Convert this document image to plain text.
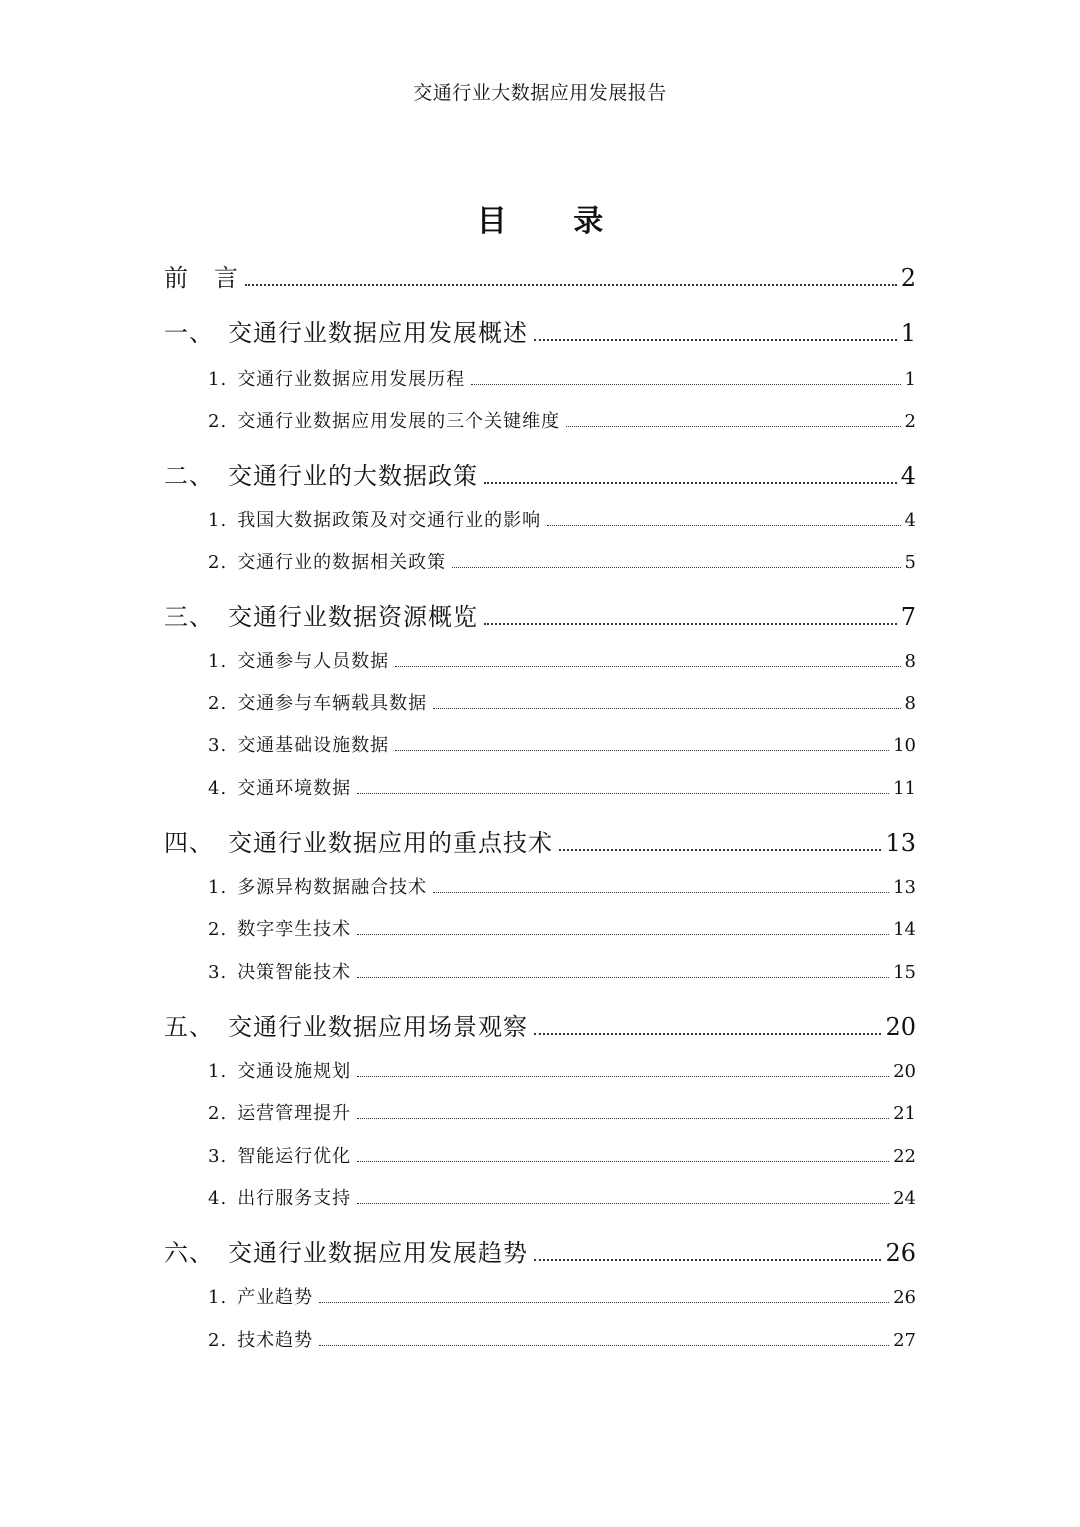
交通行业大数据应用发展报告
目 录
前　言	2
一、 交通行业数据应用发展概述	1
1. 交通行业数据应用发展历程	1
2. 交通行业数据应用发展的三个关键维度	2
二、 交通行业的大数据政策	4
1. 我国大数据政策及对交通行业的影响	4
2. 交通行业的数据相关政策	5
三、 交通行业数据资源概览	7
1. 交通参与人员数据	8
2. 交通参与车辆载具数据	8
3. 交通基础设施数据	10
4. 交通环境数据	11
四、 交通行业数据应用的重点技术	13
1. 多源异构数据融合技术	13
2. 数字孪生技术	14
3. 决策智能技术	15
五、 交通行业数据应用场景观察	20
1. 交通设施规划	20
2. 运营管理提升	21
3. 智能运行优化	22
4. 出行服务支持	24
六、 交通行业数据应用发展趋势	26
1. 产业趋势	26
2. 技术趋势	27
